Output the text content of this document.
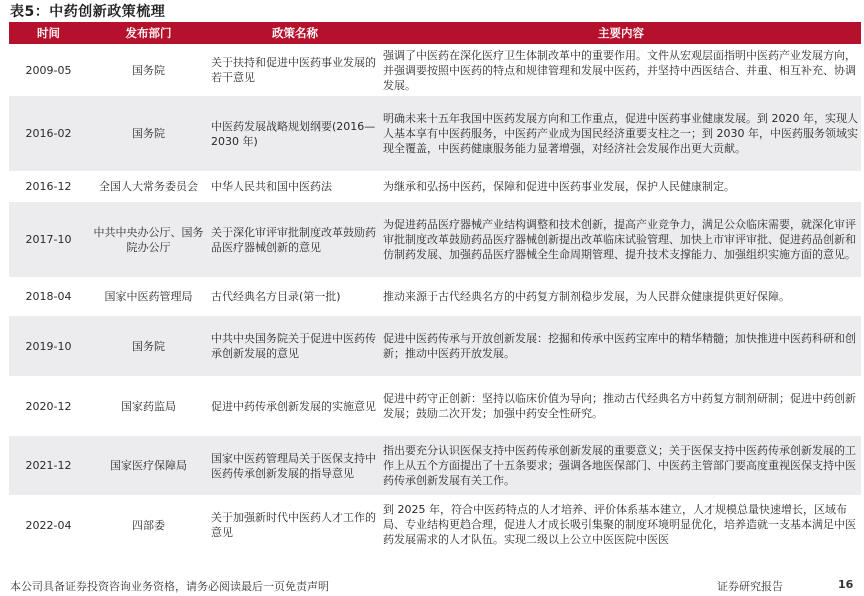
表5：中药创新政策梳理
时间	发布部门	政策名称	主要内容
2009-05	国务院	关于扶持和促进中医药事业发展的若干意见	强调了中医药在深化医疗卫生体制改革中的重要作用。文件从宏观层面指明中医药产业发展方向，并强调要按照中医药的特点和规律管理和发展中医药，并坚持中西医结合、并重、相互补充、协调发展。
2016-02	国务院	中医药发展战略规划纲要(2016—2030 年)	明确未来十五年我国中医药发展方向和工作重点，促进中医药事业健康发展。到 2020 年，实现人人基本享有中医药服务，中医药产业成为国民经济重要支柱之一；到 2030 年，中医药服务领域实现全覆盖，中医药健康服务能力显著增强，对经济社会发展作出更大贡献。
2016-12	全国人大常务委员会	中华人民共和国中医药法	为继承和弘扬中医药，保障和促进中医药事业发展，保护人民健康制定。
2017-10	中共中央办公厅、国务院办公厅	关于深化审评审批制度改革鼓励药品医疗器械创新的意见	为促进药品医疗器械产业结构调整和技术创新，提高产业竞争力，满足公众临床需要，就深化审评审批制度改革鼓励药品医疗器械创新提出改革临床试验管理、加快上市审评审批、促进药品创新和仿制药发展、加强药品医疗器械全生命周期管理、提升技术支撑能力、加强组织实施方面的意见。
2018-04	国家中医药管理局	古代经典名方目录(第一批)	推动来源于古代经典名方的中药复方制剂稳步发展，为人民群众健康提供更好保障。
2019-10	国务院	中共中央国务院关于促进中医药传承创新发展的意见	促进中医药传承与开放创新发展：挖掘和传承中医药宝库中的精华精髓；加快推进中医药科研和创新；推动中医药开放发展。
2020-12	国家药监局	促进中药传承创新发展的实施意见	促进中药守正创新：坚持以临床价值为导向；推动古代经典名方中药复方制剂研制；促进中药创新发展；鼓励二次开发；加强中药安全性研究。
2021-12	国家医疗保障局	国家中医药管理局关于医保支持中医药传承创新发展的指导意见	指出要充分认识医保支持中医药传承创新发展的重要意义；关于医保支持中医药传承创新发展的工作上从五个方面提出了十五条要求；强调各地医保部门、中医药主管部门要高度重视医保支持中医药传承创新发展有关工作。
2022-04	四部委	关于加强新时代中医药人才工作的意见	到 2025 年，符合中医药特点的人才培养、评价体系基本建立，人才规模总量快速增长，区域布局、专业结构更趋合理，促进人才成长吸引集聚的制度环境明显优化，培养造就一支基本满足中医药发展需求的人才队伍。实现二级以上公立中医医院中医医
本公司具备证券投资咨询业务资格，请务必阅读最后一页免责声明	证券研究报告	16
